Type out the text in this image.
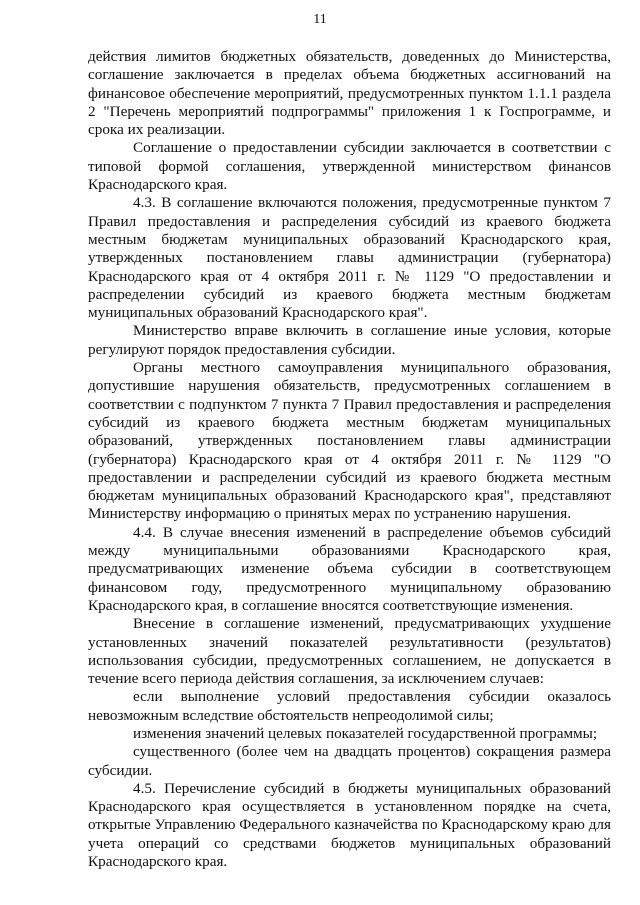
11

действия лимитов бюджетных обязательств, доведенных до Министерства, соглашение заключается в пределах объема бюджетных ассигнований на финансовое обеспечение мероприятий, предусмотренных пунктом 1.1.1 раздела 2 "Перечень мероприятий подпрограммы" приложения 1 к Госпрограмме, и срока их реализации.

Соглашение о предоставлении субсидии заключается в соответствии с типовой формой соглашения, утвержденной министерством финансов Краснодарского края.

4.3. В соглашение включаются положения, предусмотренные пунктом 7 Правил предоставления и распределения субсидий из краевого бюджета местным бюджетам муниципальных образований Краснодарского края, утвержденных постановлением главы администрации (губернатора) Краснодарского края от 4 октября 2011 г. № 1129 "О предоставлении и распределении субсидий из краевого бюджета местным бюджетам муниципальных образований Краснодарского края".

Министерство вправе включить в соглашение иные условия, которые регулируют порядок предоставления субсидии.

Органы местного самоуправления муниципального образования, допустившие нарушения обязательств, предусмотренных соглашением в соответствии с подпунктом 7 пункта 7 Правил предоставления и распределения субсидий из краевого бюджета местным бюджетам муниципальных образований, утвержденных постановлением главы администрации (губернатора) Краснодарского края от 4 октября 2011 г. № 1129 "О предоставлении и распределении субсидий из краевого бюджета местным бюджетам муниципальных образований Краснодарского края", представляют Министерству информацию о принятых мерах по устранению нарушения.

4.4. В случае внесения изменений в распределение объемов субсидий между муниципальными образованиями Краснодарского края, предусматривающих изменение объема субсидии в соответствующем финансовом году, предусмотренного муниципальному образованию Краснодарского края, в соглашение вносятся соответствующие изменения.

Внесение в соглашение изменений, предусматривающих ухудшение установленных значений показателей результативности (результатов) использования субсидии, предусмотренных соглашением, не допускается в течение всего периода действия соглашения, за исключением случаев:

если выполнение условий предоставления субсидии оказалось невозможным вследствие обстоятельств непреодолимой силы;

изменения значений целевых показателей государственной программы;

существенного (более чем на двадцать процентов) сокращения размера субсидии.

4.5. Перечисление субсидий в бюджеты муниципальных образований Краснодарского края осуществляется в установленном порядке на счета, открытые Управлению Федерального казначейства по Краснодарскому краю для учета операций со средствами бюджетов муниципальных образований Краснодарского края.
